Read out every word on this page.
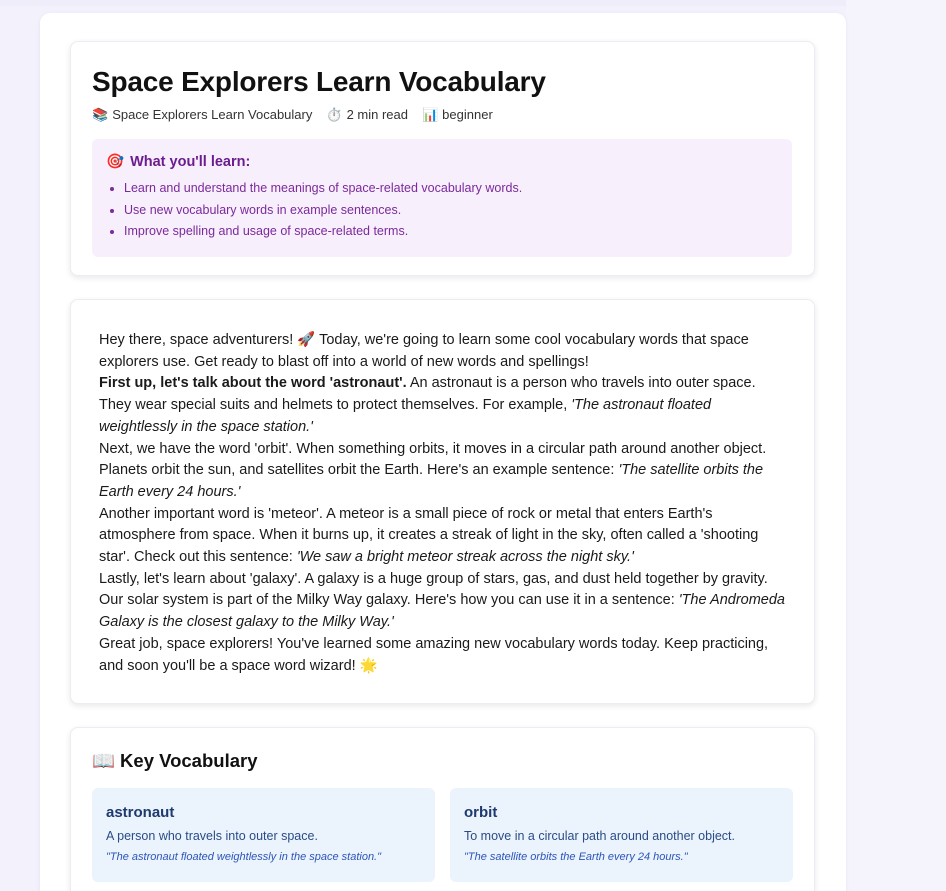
Space Explorers Learn Vocabulary
📚 Space Explorers Learn Vocabulary ⏱️ 2 min read 📊 beginner
🎯 What you'll learn:
• Learn and understand the meanings of space-related vocabulary words.
• Use new vocabulary words in example sentences.
• Improve spelling and usage of space-related terms.

Hey there, space adventurers! 🚀 Today, we're going to learn some cool vocabulary words that space explorers use. Get ready to blast off into a world of new words and spellings!

First up, let's talk about the word 'astronaut'. An astronaut is a person who travels into outer space. They wear special suits and helmets to protect themselves. For example, 'The astronaut floated weightlessly in the space station.'

Next, we have the word 'orbit'. When something orbits, it moves in a circular path around another object. Planets orbit the sun, and satellites orbit the Earth. Here's an example sentence: 'The satellite orbits the Earth every 24 hours.'

Another important word is 'meteor'. A meteor is a small piece of rock or metal that enters Earth's atmosphere from space. When it burns up, it creates a streak of light in the sky, often called a 'shooting star'. Check out this sentence: 'We saw a bright meteor streak across the night sky.'

Lastly, let's learn about 'galaxy'. A galaxy is a huge group of stars, gas, and dust held together by gravity. Our solar system is part of the Milky Way galaxy. Here's how you can use it in a sentence: 'The Andromeda Galaxy is the closest galaxy to the Milky Way.'

Great job, space explorers! You've learned some amazing new vocabulary words today. Keep practicing, and soon you'll be a space word wizard! 🌟

📖 Key Vocabulary

astronaut

A person who travels into outer space.

"The astronaut floated weightlessly in the space station."

orbit

To move in a circular path around another object.

"The satellite orbits the Earth every 24 hours."
